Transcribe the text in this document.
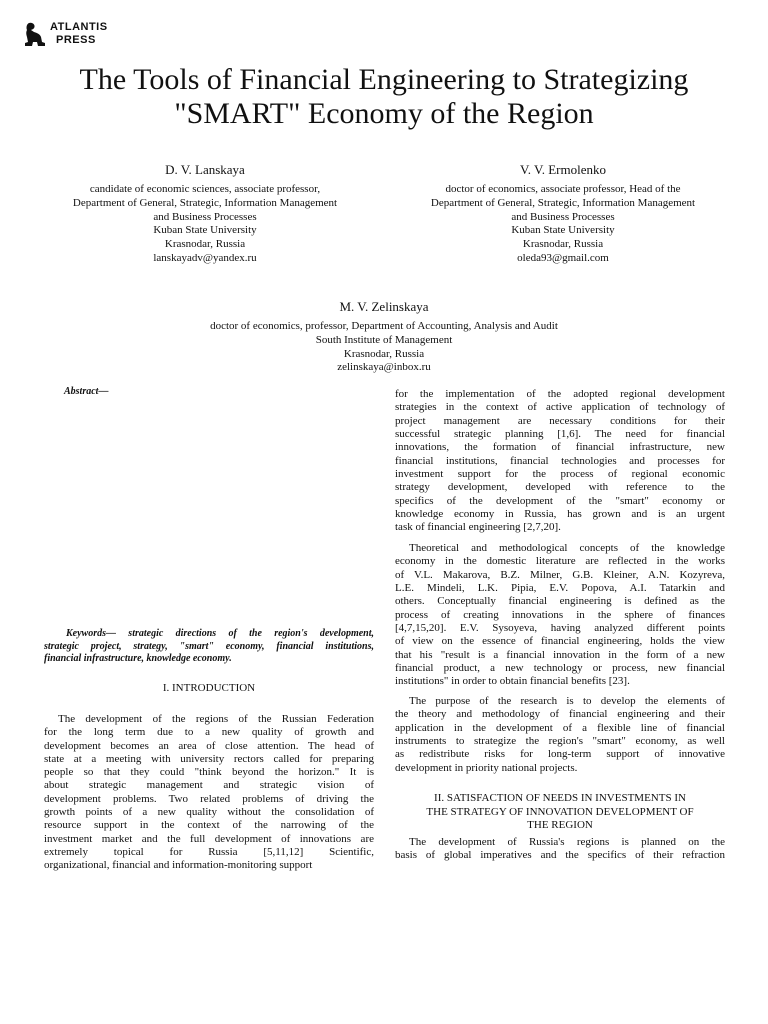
ATLANTIS
PRESS
The Tools of Financial Engineering to Strategizing
"SMART" Economy of the Region
D. V. Lanskaya
candidate of economic sciences, associate professor,
Department of General, Strategic, Information Management
and Business Processes
Kuban State University
Krasnodar, Russia
lanskayadv@yandex.ru
V. V. Ermolenko
doctor of economics, associate professor, Head of the
Department of General, Strategic, Information Management
and Business Processes
Kuban State University
Krasnodar, Russia
oleda93@gmail.com
M. V. Zelinskaya
doctor of economics, professor, Department of Accounting, Analysis and Audit
South Institute of Management
Krasnodar, Russia
zelinskaya@inbox.ru

Abstract—

Keywords— strategic directions of the region's development,
strategic project, strategy, "smart" economy, financial institutions,
financial infrastructure, knowledge economy.
I. INTRODUCTION

The development of the regions of the Russian Federation
for the long term due to a new quality of growth and
development becomes an area of close attention. The head of
state at a meeting with university rectors called for preparing
people so that they could "think beyond the horizon." It is
about strategic management and strategic vision of
development problems. Two related problems of driving the
growth points of a new quality without the consolidation of
resource support in the context of the narrowing of the
investment market and the full development of innovations are
extremely topical for Russia [5,11,12] Scientific,
organizational, financial and information-monitoring support

for the implementation of the adopted regional development
strategies in the context of active application of technology of
project management are necessary conditions for their
successful strategic planning [1,6]. The need for financial
innovations, the formation of financial infrastructure, new
financial institutions, financial technologies and processes for
investment support for the process of regional economic
strategy development, developed with reference to the
specifics of the development of the "smart" economy or
knowledge economy in Russia, has grown and is an urgent
task of financial engineering [2,7,20].

Theoretical and methodological concepts of the knowledge
economy in the domestic literature are reflected in the works
of V.L. Makarova, B.Z. Milner, G.B. Kleiner, A.N. Kozyreva,
L.E. Mindeli, L.K. Pipia, E.V. Popova, A.I. Tatarkin and
others. Conceptually financial engineering is defined as the
process of creating innovations in the sphere of finances
[4,7,15,20]. E.V. Sysoyeva, having analyzed different points
of view on the essence of financial engineering, holds the view
that his "result is a financial innovation in the form of a new
financial product, a new technology or process, new financial
institutions" in order to obtain financial benefits [23].

The purpose of the research is to develop the elements of
the theory and methodology of financial engineering and their
application in the development of a flexible line of financial
instruments to strategize the region's "smart" economy, as well
as redistribute risks for long-term support of innovative
development in priority national projects.

II. SATISFACTION OF NEEDS IN INVESTMENTS IN
THE STRATEGY OF INNOVATION DEVELOPMENT OF
THE REGION

The development of Russia's regions is planned on the
basis of global imperatives and the specifics of their refraction
